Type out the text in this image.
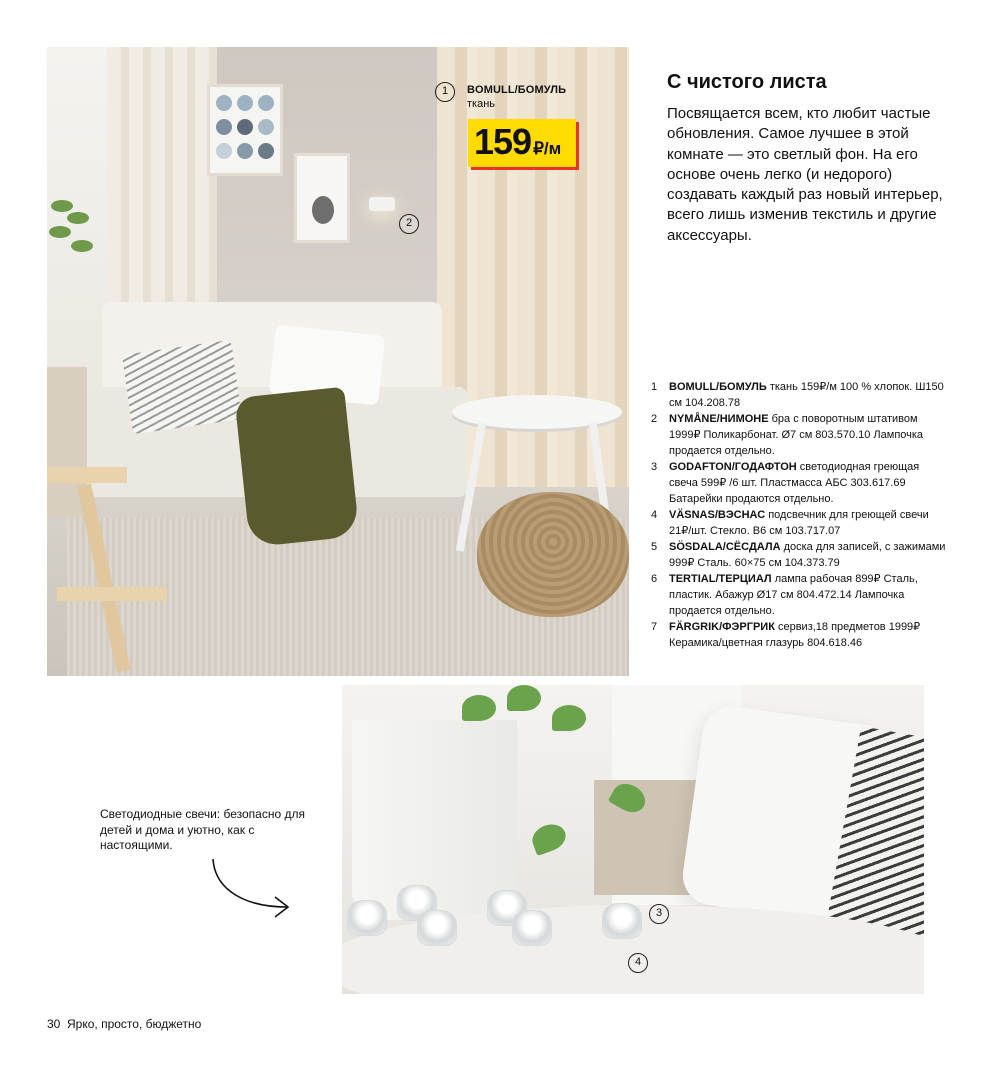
1	BOMULL/БОМУЛЬ
ткань
159 ₽/м
2
С чистого листа

Посвящается всем, кто любит частые обновления. Самое лучшее в этой комнате — это светлый фон. На его основе очень легко (и недорого) создавать каждый раз новый интерьер, всего лишь изменив текстиль и другие аксессуары.

1	BOMULL/БОМУЛЬ ткань 159₽/м 100 % хлопок. Ш150 см 104.208.78
2	NYMÅNE/НИМОНЕ бра с поворотным штативом 1999₽ Поликарбонат. Ø7 см 803.570.10 Лампочка продается отдельно.
3	GODAFTON/ГОДАФТОН светодиодная греющая свеча 599₽ /6 шт. Пластмасса АБС 303.617.69 Батарейки продаются отдельно.
4	VÄSNAS/ВЭСНАС подсвечник для греющей свечи 21₽/шт. Стекло. В6 см 103.717.07
5	SÖSDALA/СЁСДАЛА доска для записей, с зажимами 999₽ Сталь. 60×75 см 104.373.79
6	TERTIAL/ТЕРЦИАЛ лампа рабочая 899₽ Сталь, пластик. Абажур Ø17 см 804.472.14 Лампочка продается отдельно.
7	FÄRGRIK/ФЭРГРИК сервиз,18 предметов 1999₽ Керамика/цветная глазурь 804.618.46
3
4

Светодиодные свечи: безопасно для детей и дома и уютно, как с настоящими.

30 Ярко, просто, бюджетно
